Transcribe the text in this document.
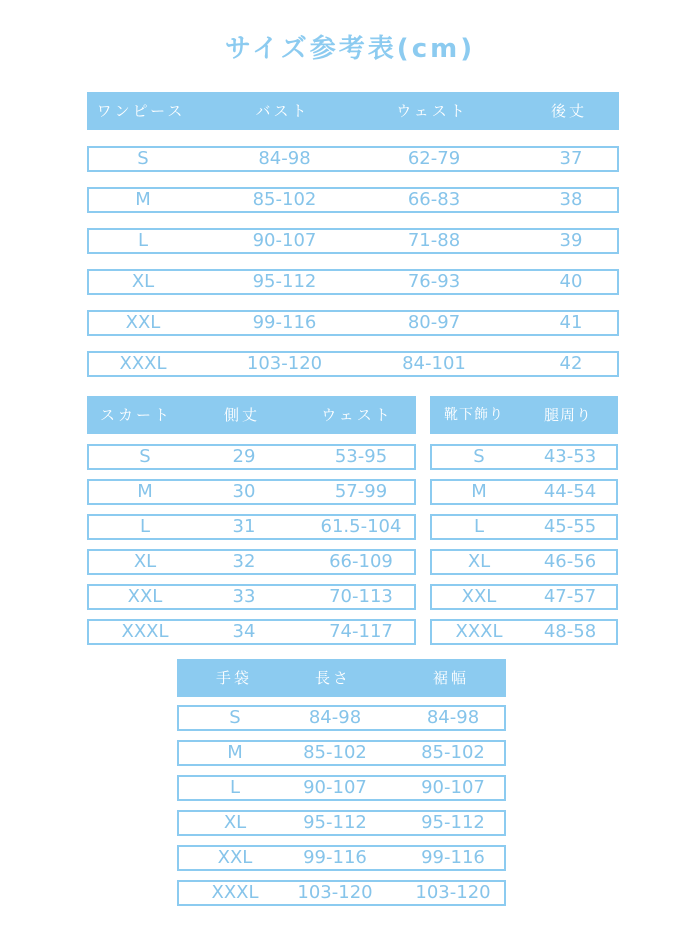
サイズ参考表(cm)
ワンピース	バスト	ウェスト	後丈
S	84-98	62-79	37
M	85-102	66-83	38
L	90-107	71-88	39
XL	95-112	76-93	40
XXL	99-116	80-97	41
XXXL	103-120	84-101	42
スカート	側丈	ウェスト
S	29	53-95
M	30	57-99
L	31	61.5-104
XL	32	66-109
XXL	33	70-113
XXXL	34	74-117
靴下飾り	腿周り
S	43-53
M	44-54
L	45-55
XL	46-56
XXL	47-57
XXXL	48-58
手袋	長さ	裾幅
S	84-98	84-98
M	85-102	85-102
L	90-107	90-107
XL	95-112	95-112
XXL	99-116	99-116
XXXL	103-120	103-120
